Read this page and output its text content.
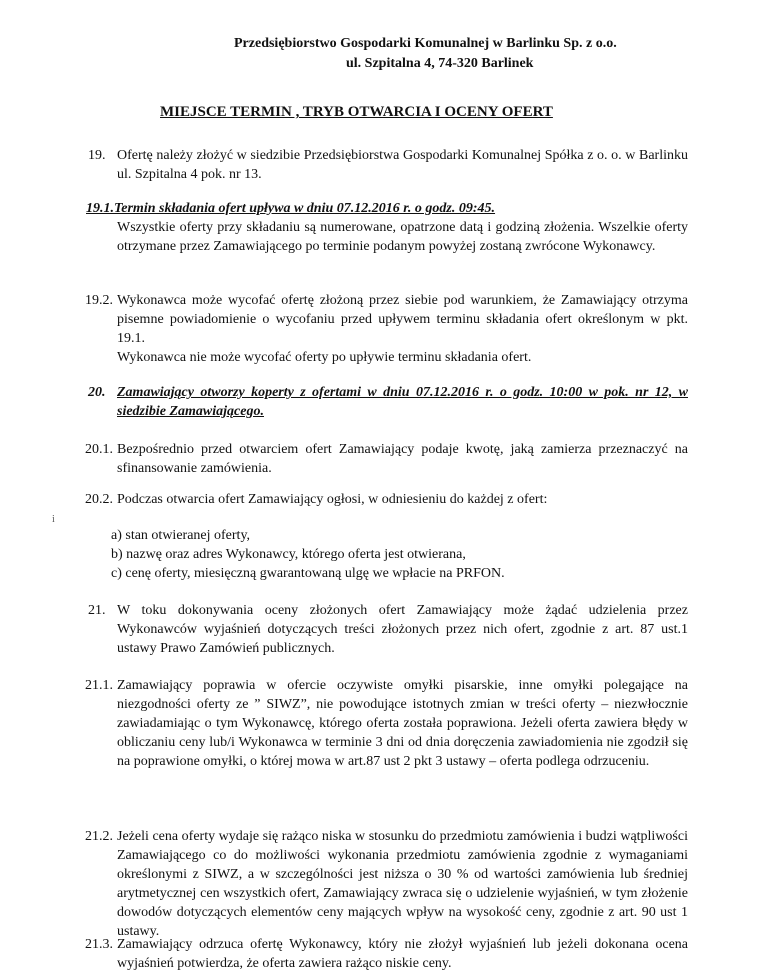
Przedsiębiorstwo Gospodarki Komunalnej w Barlinku Sp. z o.o.
ul. Szpitalna 4, 74-320 Barlinek
MIEJSCE TERMIN , TRYB OTWARCIA I OCENY OFERT
19. Ofertę należy złożyć w siedzibie Przedsiębiorstwa Gospodarki Komunalnej Spółka z o. o. w Barlinku ul. Szpitalna 4 pok. nr 13.
19.1.Termin składania ofert upływa w dniu 07.12.2016 r. o godz. 09:45.
Wszystkie oferty przy składaniu są numerowane, opatrzone datą i godziną złożenia. Wszelkie oferty otrzymane przez Zamawiającego po terminie podanym powyżej zostaną zwrócone Wykonawcy.
19.2. Wykonawca może wycofać ofertę złożoną przez siebie pod warunkiem, że Zamawiający otrzyma pisemne powiadomienie o wycofaniu przed upływem terminu składania ofert określonym w pkt. 19.1.
Wykonawca nie może wycofać oferty po upływie terminu składania ofert.
20. Zamawiający otworzy koperty z ofertami w dniu 07.12.2016 r. o godz. 10:00 w pok. nr 12, w siedzibie Zamawiającego.
20.1. Bezpośrednio przed otwarciem ofert Zamawiający podaje kwotę, jaką zamierza przeznaczyć na sfinansowanie zamówienia.
20.2. Podczas otwarcia ofert Zamawiający ogłosi, w odniesieniu do każdej z ofert:
i
a) stan otwieranej oferty,
b) nazwę oraz adres Wykonawcy, którego oferta jest otwierana,
c) cenę oferty, miesięczną gwarantowaną ulgę we wpłacie na PRFON.
21. W toku dokonywania oceny złożonych ofert Zamawiający może żądać udzielenia przez Wykonawców wyjaśnień dotyczących treści złożonych przez nich ofert, zgodnie z art. 87 ust.1 ustawy Prawo Zamówień publicznych.
21.1. Zamawiający poprawia w ofercie oczywiste omyłki pisarskie, inne omyłki polegające na niezgodności oferty ze ” SIWZ”, nie powodujące istotnych zmian w treści oferty – niezwłocznie zawiadamiając o tym Wykonawcę, którego oferta została poprawiona. Jeżeli oferta zawiera błędy w obliczaniu ceny lub/i Wykonawca w terminie 3 dni od dnia doręczenia zawiadomienia nie zgodził się na poprawione omyłki, o której mowa w art.87 ust 2 pkt 3 ustawy – oferta podlega odrzuceniu.
21.2. Jeżeli cena oferty wydaje się rażąco niska w stosunku do przedmiotu zamówienia i budzi wątpliwości Zamawiającego co do możliwości wykonania przedmiotu zamówienia zgodnie z wymaganiami określonymi z SIWZ, a w szczególności jest niższa o 30 % od wartości zamówienia lub średniej arytmetycznej cen wszystkich ofert, Zamawiający zwraca się o udzielenie wyjaśnień, w tym złożenie dowodów dotyczących elementów ceny mających wpływ na wysokość ceny, zgodnie z art. 90 ust 1 ustawy.
21.3. Zamawiający odrzuca ofertę Wykonawcy, który nie złożył wyjaśnień lub jeżeli dokonana ocena wyjaśnień potwierdza, że oferta zawiera rażąco niskie ceny.
